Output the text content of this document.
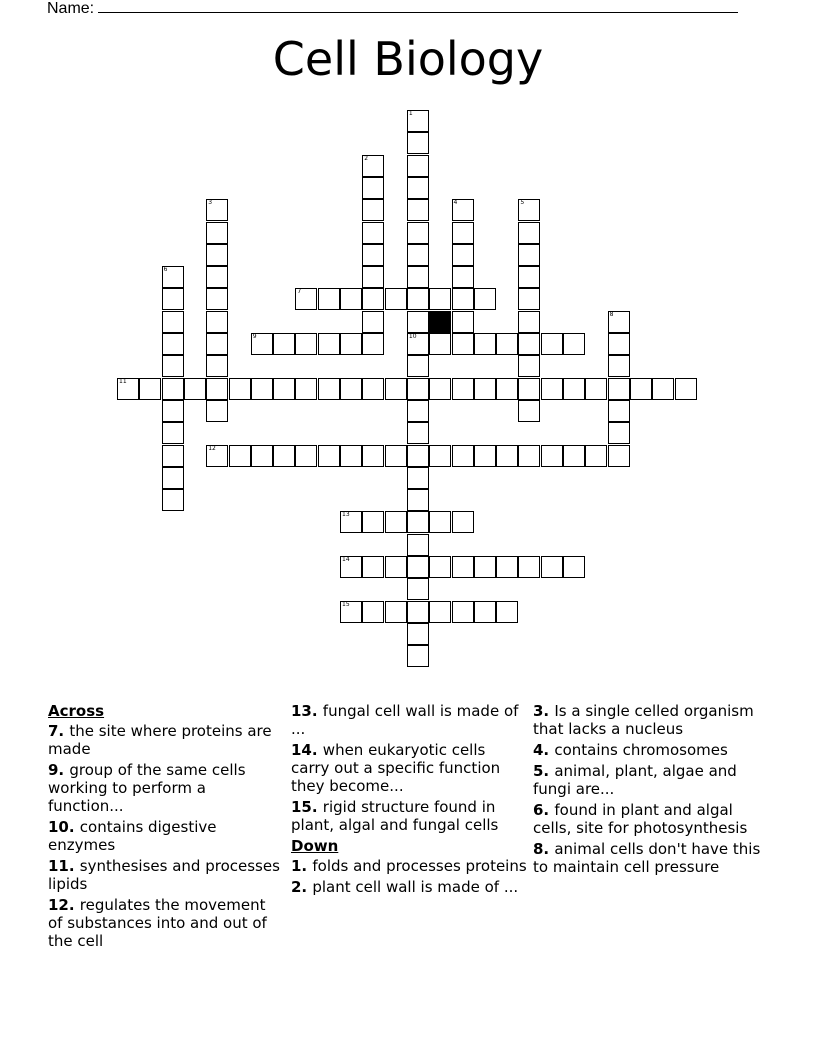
Name:
Cell Biology
7
9	10
11
12
13
14
15
1
2
3	4	5
6
8
Across
7. the site where proteins are made
9. group of the same cells working to perform a function...
10. contains digestive enzymes
11. synthesises and processes lipids
12. regulates the movement of substances into and out of the cell
13. fungal cell wall is made of ...
14. when eukaryotic cells carry out a specific function they become...
15. rigid structure found in plant, algal and fungal cells
Down
1. folds and processes proteins
2. plant cell wall is made of ...
3. Is a single celled organism that lacks a nucleus
4. contains chromosomes
5. animal, plant, algae and fungi are...
6. found in plant and algal cells, site for photosynthesis
8. animal cells don't have this to maintain cell pressure
